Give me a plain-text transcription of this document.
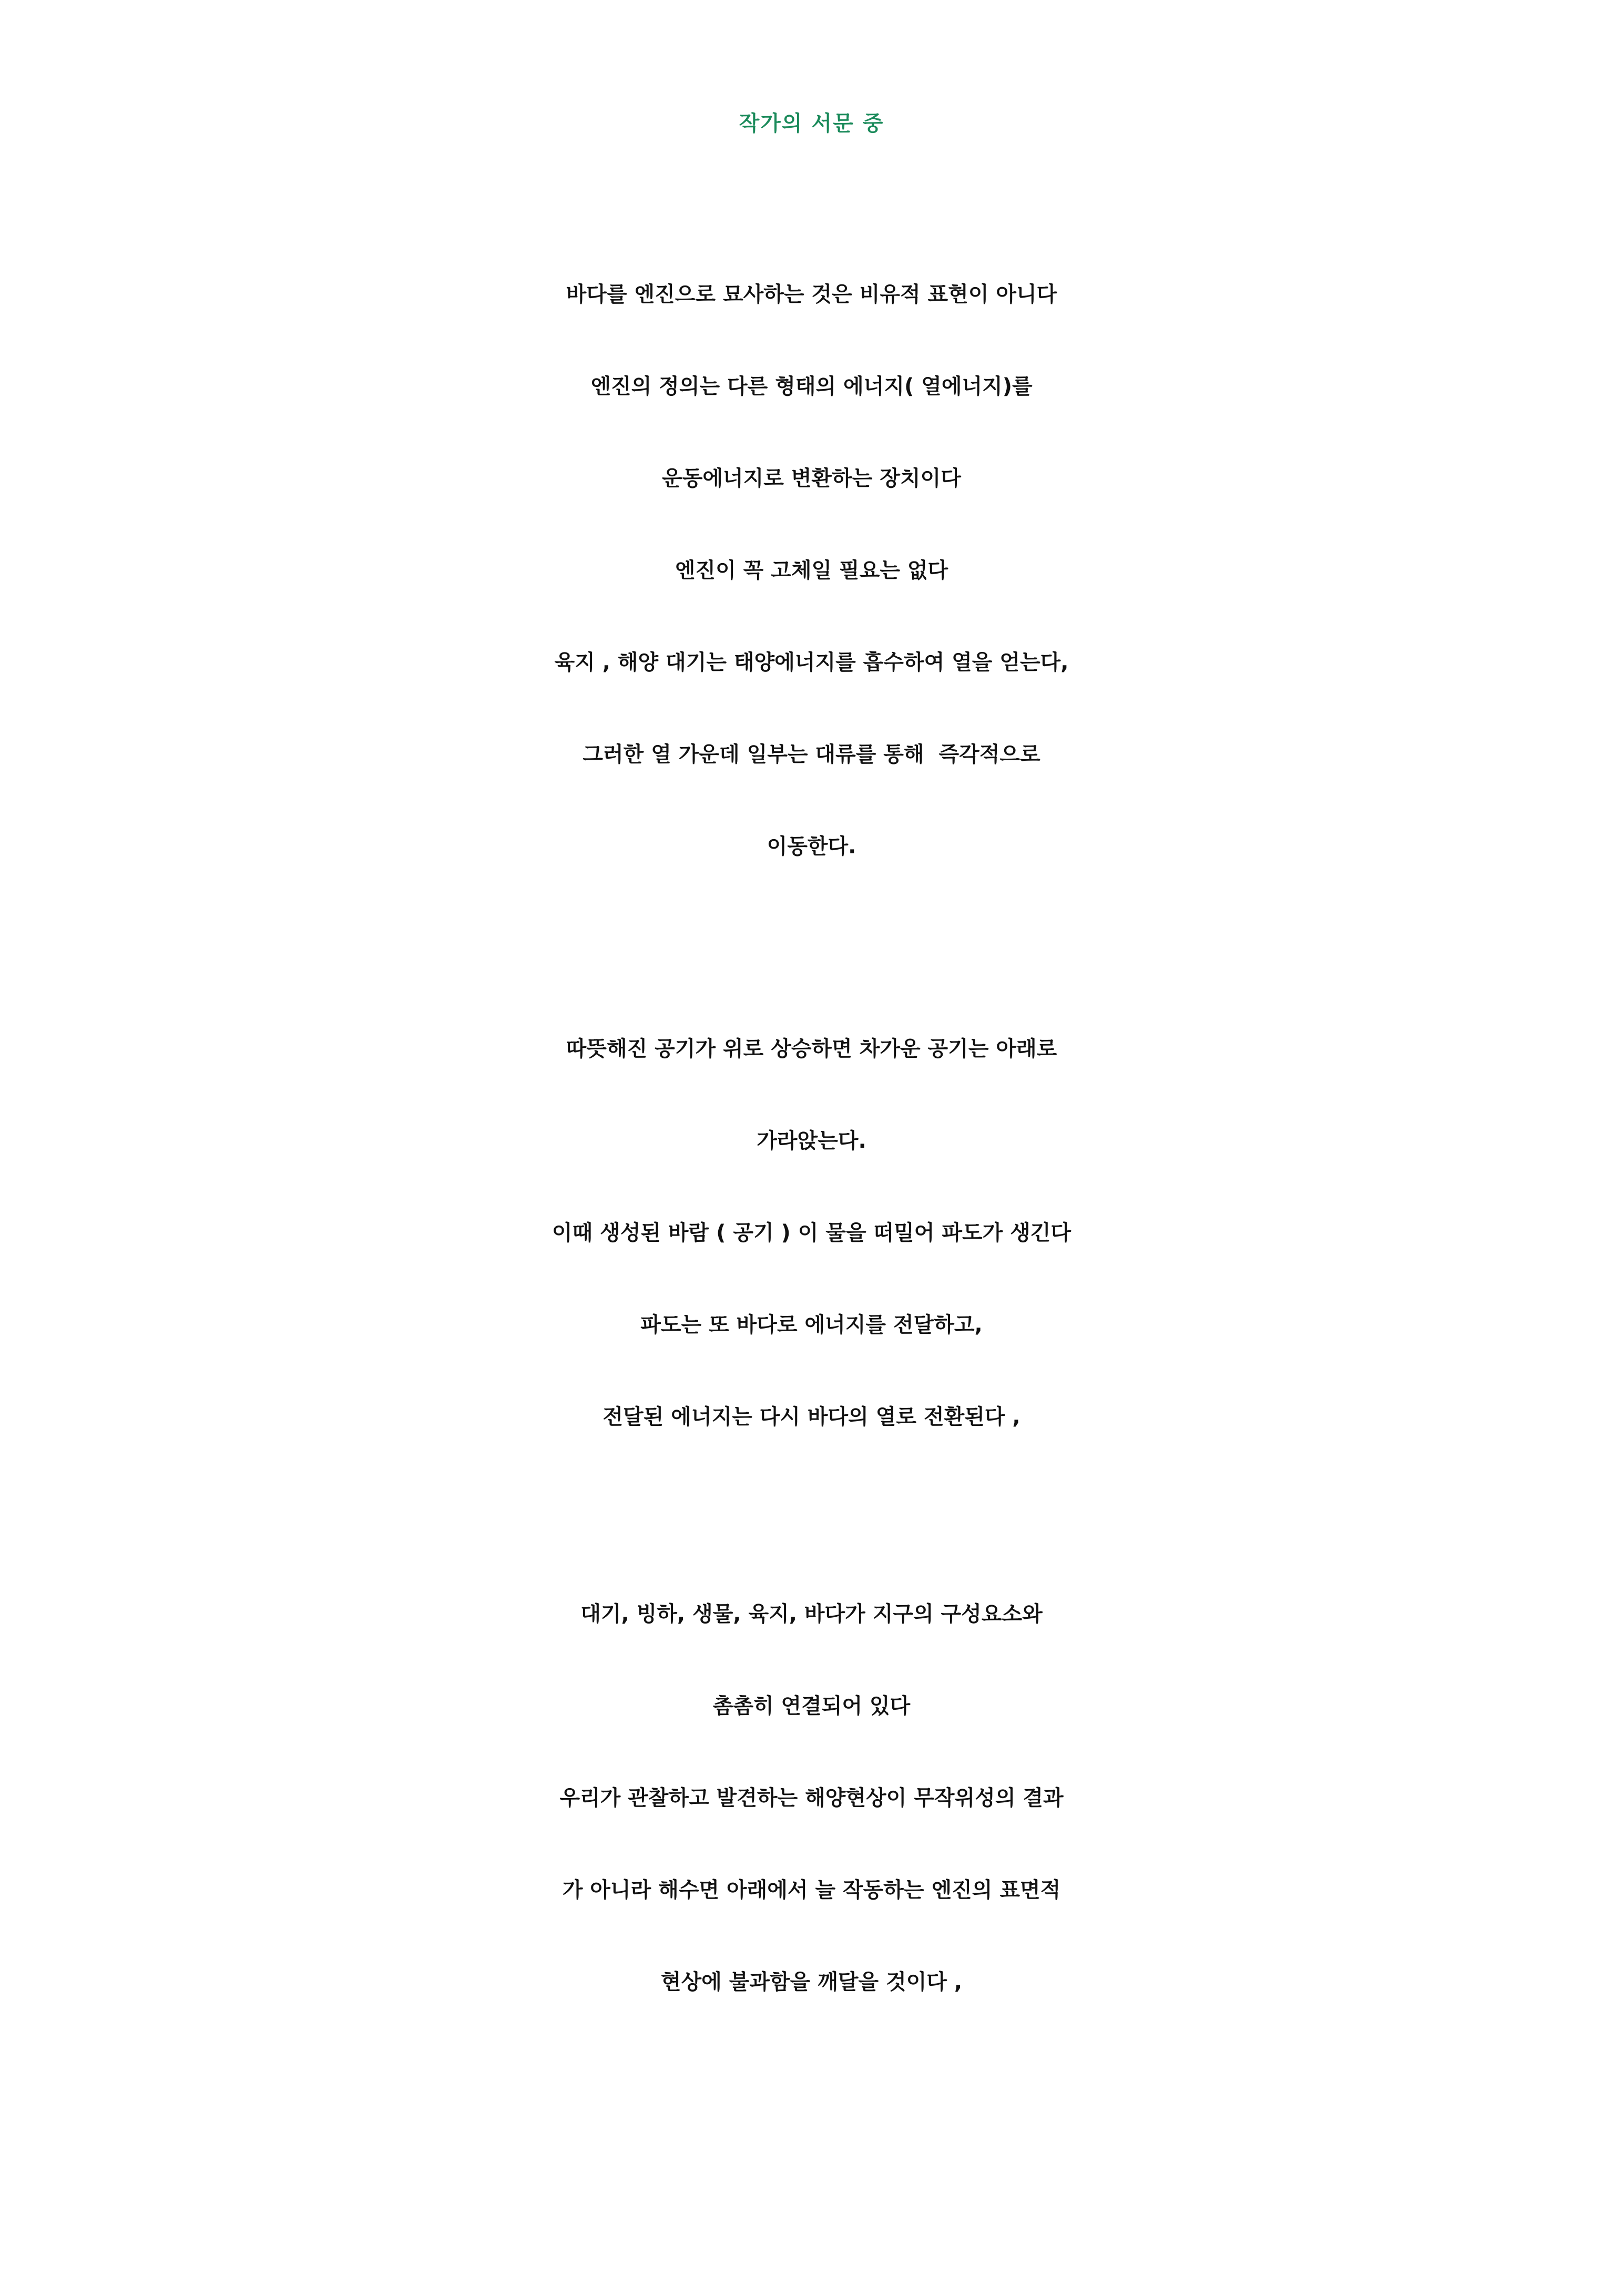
작가의 서문 중
바다를 엔진으로 묘사하는 것은 비유적 표현이 아니다
엔진의 정의는 다른 형태의 에너지( 열에너지)를
운동에너지로 변환하는 장치이다
엔진이 꼭 고체일 필요는 없다
육지 , 해양 대기는 태양에너지를 흡수하여 열을 얻는다,
그러한 열 가운데 일부는 대류를 통해  즉각적으로
이동한다.
따뜻해진 공기가 위로 상승하면 차가운 공기는 아래로
가라앉는다.
이때 생성된 바람 ( 공기 ) 이 물을 떠밀어 파도가 생긴다
파도는 또 바다로 에너지를 전달하고,
전달된 에너지는 다시 바다의 열로 전환된다 ,
대기, 빙하, 생물, 육지, 바다가 지구의 구성요소와
촘촘히 연결되어 있다
우리가 관찰하고 발견하는 해양현상이 무작위성의 결과
가 아니라 해수면 아래에서 늘 작동하는 엔진의 표면적
현상에 불과함을 깨달을 것이다 ,
